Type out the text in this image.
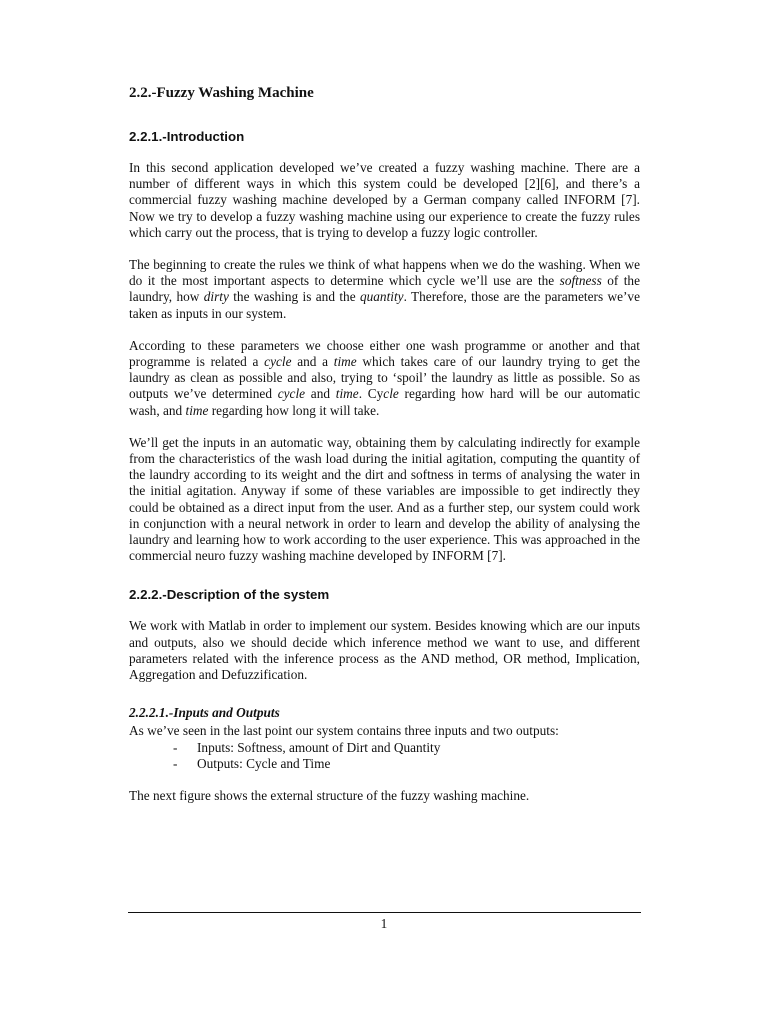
2.2.-Fuzzy Washing Machine
2.2.1.-Introduction

In this second application developed we’ve created a fuzzy washing machine. There are a number of different ways in which this system could be developed [2][6], and there’s a commercial fuzzy washing machine developed by a German company called INFORM [7]. Now we try to develop a fuzzy washing machine using our experience to create the fuzzy rules which carry out the process, that is trying to develop a fuzzy logic controller.

The beginning to create the rules we think of what happens when we do the washing. When we do it the most important aspects to determine which cycle we’ll use are the softness of the laundry, how dirty the washing is and the quantity. Therefore, those are the parameters we’ve taken as inputs in our system.

According to these parameters we choose either one wash programme or another and that programme is related a cycle and a time which takes care of our laundry trying to get the laundry as clean as possible and also, trying to ‘spoil’ the laundry as little as possible. So as outputs we’ve determined cycle and time. Cycle regarding how hard will be our automatic wash, and time regarding how long it will take.

We’ll get the inputs in an automatic way, obtaining them by calculating indirectly for example from the characteristics of the wash load during the initial agitation, computing the quantity of the laundry according to its weight and the dirt and softness in terms of analysing the water in the initial agitation. Anyway if some of these variables are impossible to get indirectly they could be obtained as a direct input from the user. And as a further step, our system could work in conjunction with a neural network in order to learn and develop the ability of analysing the laundry and learning how to work according to the user experience. This was approached in the commercial neuro fuzzy washing machine developed by INFORM [7].

2.2.2.-Description of the system

We work with Matlab in order to implement our system. Besides knowing which are our inputs and outputs, also we should decide which inference method we want to use, and different parameters related with the inference process as the AND method, OR method, Implication, Aggregation and Defuzzification.

2.2.2.1.-Inputs and Outputs

As we’ve seen in the last point our system contains three inputs and two outputs:

- Inputs: Softness, amount of Dirt and Quantity
- Outputs: Cycle and Time

The next figure shows the external structure of the fuzzy washing machine.

1
